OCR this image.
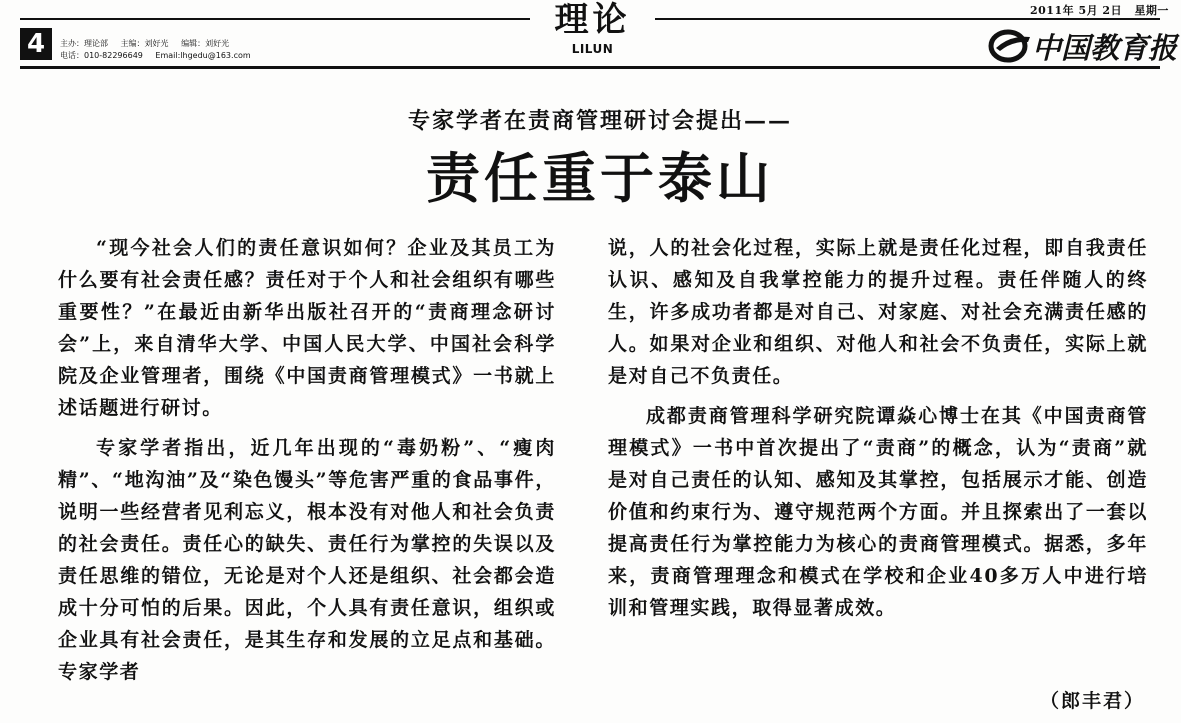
2011年 5月 2日 星期一
理论
LILUN
4	主办：理论部 主编：刘好光 编辑：刘好光
电话：010-82296649 Email:lhgedu@163.com	中国教育报
专家学者在责商管理研讨会提出——
责任重于泰山

“现今社会人们的责任意识如何？企业及其员工为什么要有社会责任感？责任对于个人和社会组织有哪些重要性？”在最近由新华出版社召开的“责商理念研讨会”上，来自清华大学、中国人民大学、中国社会科学院及企业管理者，围绕《中国责商管理模式》一书就上述话题进行研讨。

专家学者指出，近几年出现的“毒奶粉”、“瘦肉精”、“地沟油”及“染色馒头”等危害严重的食品事件，说明一些经营者见利忘义，根本没有对他人和社会负责的社会责任。责任心的缺失、责任行为掌控的失误以及责任思维的错位，无论是对个人还是组织、社会都会造成十分可怕的后果。因此，个人具有责任意识，组织或企业具有社会责任，是其生存和发展的立足点和基础。专家学者

说，人的社会化过程，实际上就是责任化过程，即自我责任认识、感知及自我掌控能力的提升过程。责任伴随人的终生，许多成功者都是对自己、对家庭、对社会充满责任感的人。如果对企业和组织、对他人和社会不负责任，实际上就是对自己不负责任。

成都责商管理科学研究院谭焱心博士在其《中国责商管理模式》一书中首次提出了“责商”的概念，认为“责商”就是对自己责任的认知、感知及其掌控，包括展示才能、创造价值和约束行为、遵守规范两个方面。并且探索出了一套以提高责任行为掌控能力为核心的责商管理模式。据悉，多年来，责商管理理念和模式在学校和企业40多万人中进行培训和管理实践，取得显著成效。

（郎丰君）
